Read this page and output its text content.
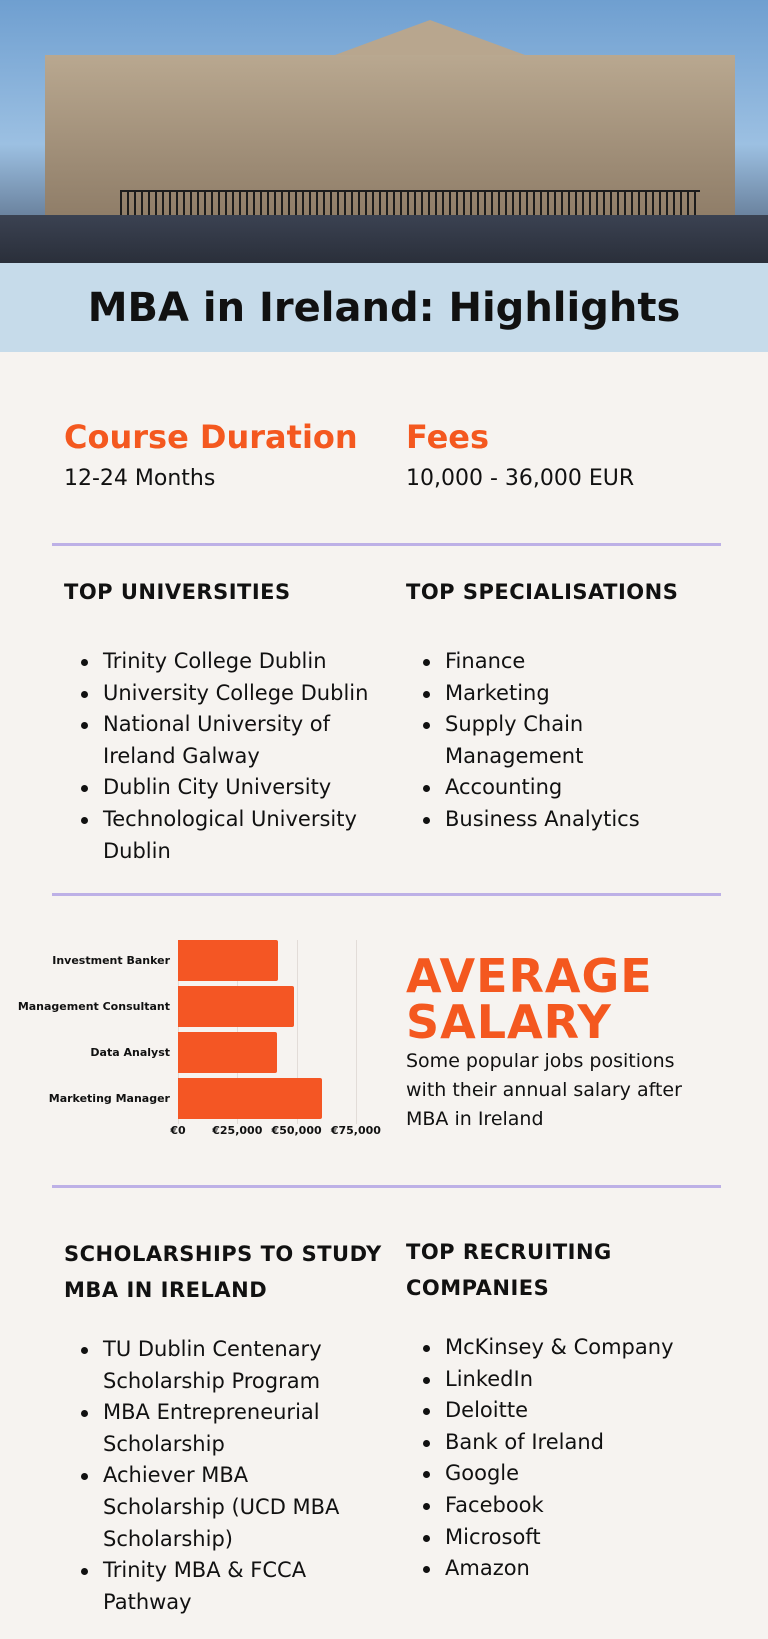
MBA in Ireland: Highlights
Course Duration
12-24 Months
Fees
10,000 - 36,000 EUR
TOP UNIVERSITIES
Trinity College Dublin
University College Dublin
National University of Ireland Galway
Dublin City University
Technological University Dublin
TOP SPECIALISATIONS
Finance
Marketing
Supply Chain Management
Accounting
Business Analytics
€0 €25,000 €50,000 €75,000
Investment Banker
Management Consultant
Data Analyst
Marketing Manager
AVERAGE
SALARY
Some popular jobs positions with their annual salary after MBA in Ireland
SCHOLARSHIPS TO STUDY MBA IN IRELAND
TU Dublin Centenary Scholarship Program
MBA Entrepreneurial Scholarship
Achiever MBA Scholarship (UCD MBA Scholarship)
Trinity MBA & FCCA Pathway
TOP RECRUITING COMPANIES
McKinsey & Company
LinkedIn
Deloitte
Bank of Ireland
Google
Facebook
Microsoft
Amazon
